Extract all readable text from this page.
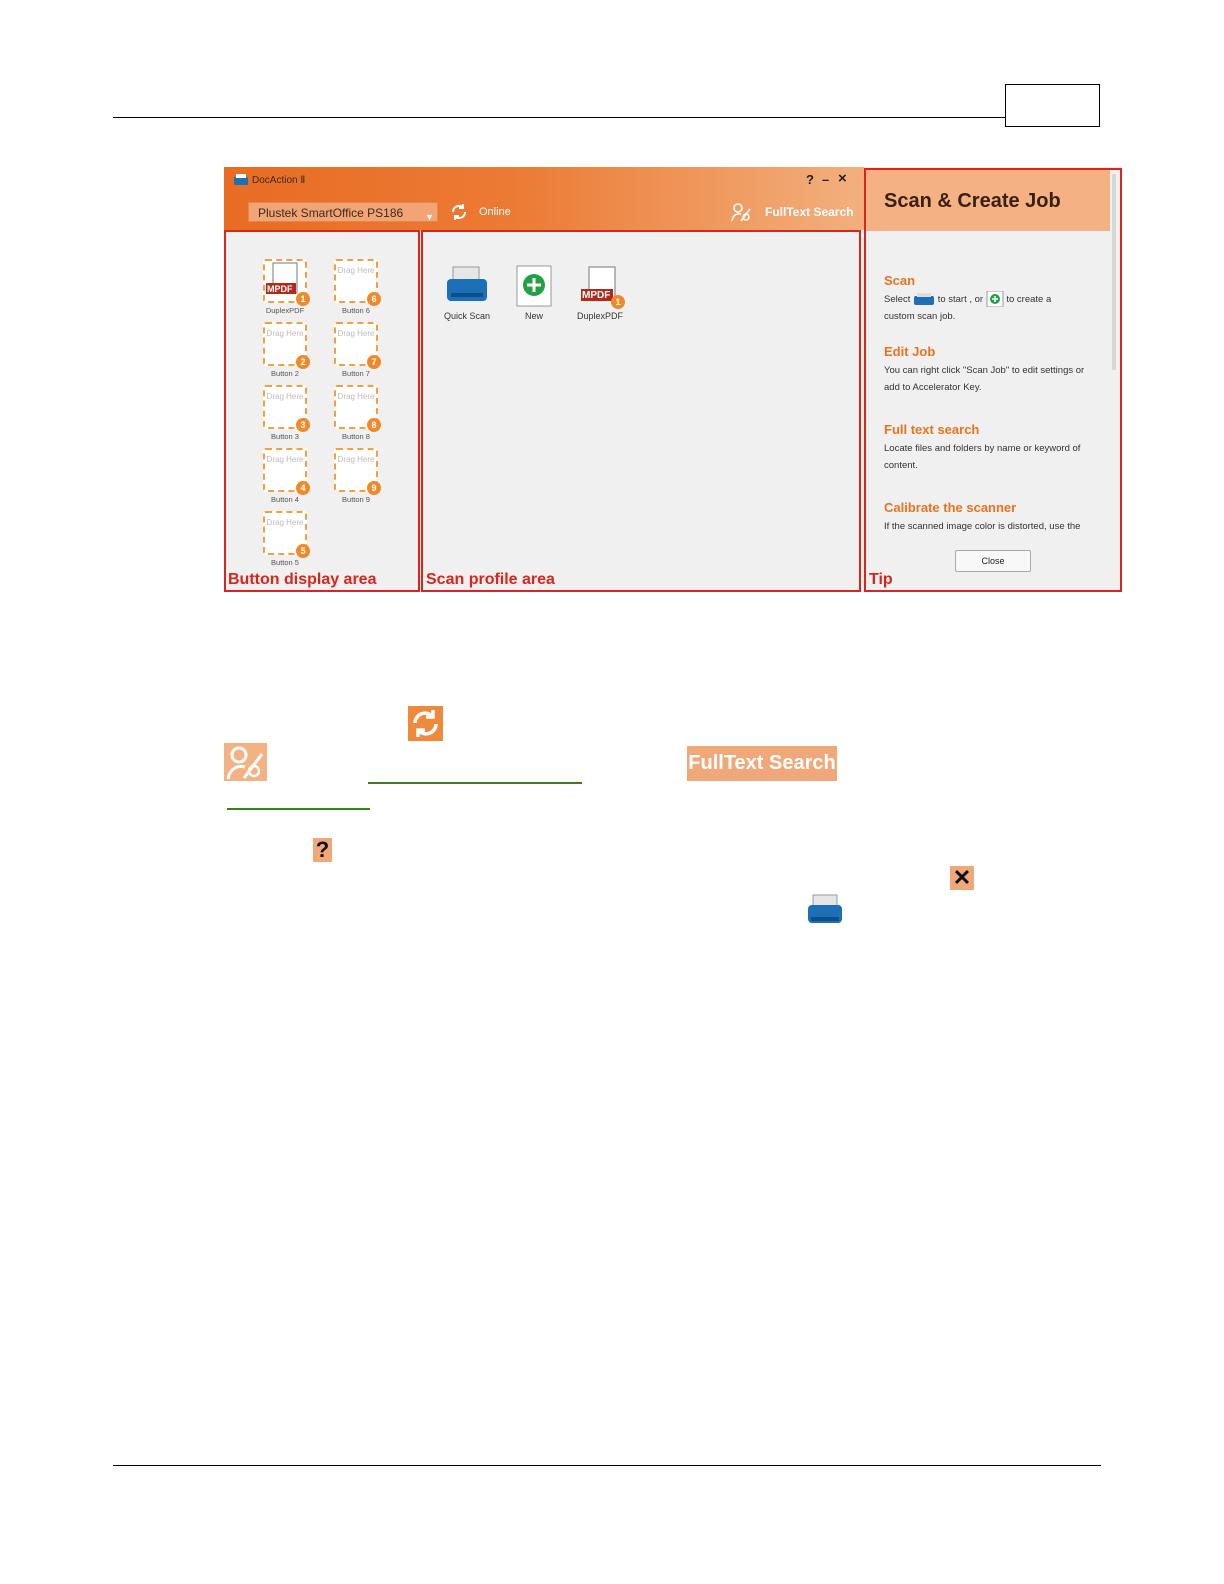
DocAction Ⅱ	? – ×
Plustek SmartOffice PS186 ▼	Online	FullText Search Scan & Create Job
Scan
Select	to start , or to create a
custom scan job.
Edit Job
You can right click "Scan Job" to edit settings or add to Accelerator Key.
Full text search
Locate files and folders by name or keyword of content.
Calibrate the scanner
If the scanned image color is distorted, use the
Close
Button display area	Scan profile area	Tip
MPDF
1
DuplexPDF
Drag Here
2
Button 2
Drag Here
3
Button 3
Drag Here
4
Button 4
Drag Here
5
Button 5
Drag Here
6
Button 6
Drag Here
7
Button 7
Drag Here
8
Button 8
Drag Here
9
Button 9
Quick Scan	New
MPDF
1
DuplexPDF
FullText Search
?
✕
